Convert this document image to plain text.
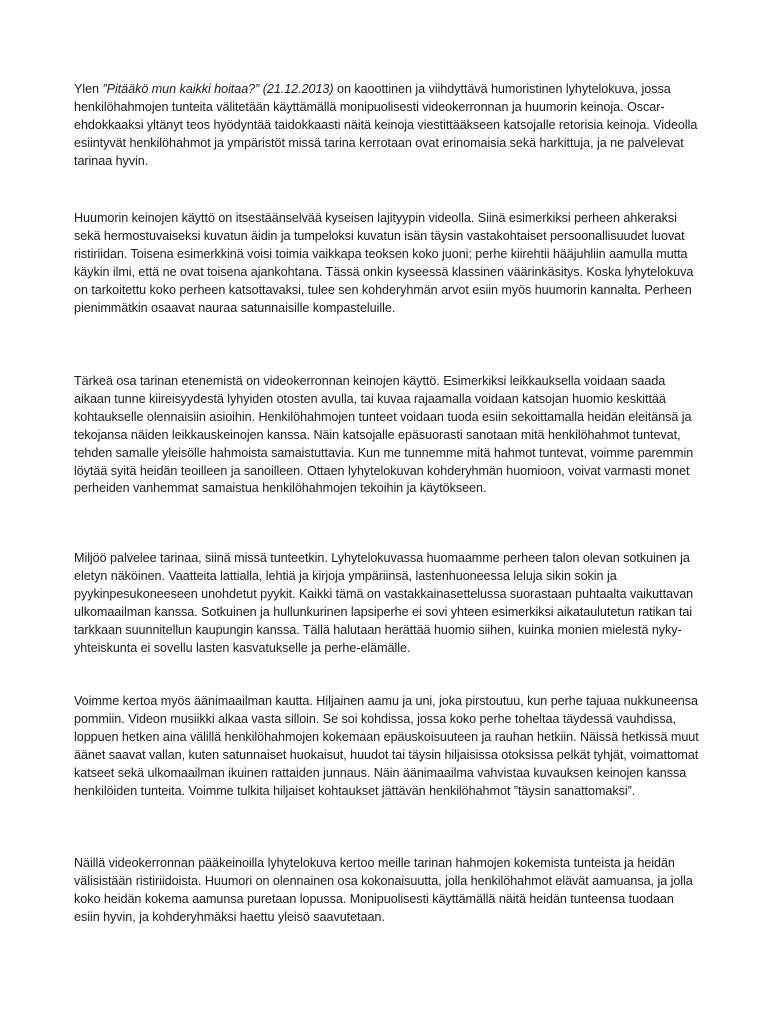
Ylen ”Pitääkö mun kaikki hoitaa?” (21.12.2013) on kaoottinen ja viihdyttävä humoristinen lyhytelokuva, jossa henkilöhahmojen tunteita välitetään käyttämällä monipuolisesti videokerronnan ja huumorin keinoja. Oscar-ehdokkaaksi yltänyt teos hyödyntää taidokkaasti näitä keinoja viestittääkseen katsojalle retorisia keinoja. Videolla esiintyvät henkilöhahmot ja ympäristöt missä tarina kerrotaan ovat erinomaisia sekä harkittuja, ja ne palvelevat tarinaa hyvin.

Huumorin keinojen käyttö on itsestäänselvää kyseisen lajityypin videolla. Siinä esimerkiksi perheen ahkeraksi sekä hermostuvaiseksi kuvatun äidin ja tumpeloksi kuvatun isän täysin vastakohtaiset persoonallisuudet luovat ristiriidan. Toisena esimerkkinä voisi toimia vaikkapa teoksen koko juoni; perhe kiirehtii hääjuhliin aamulla mutta käykin ilmi, että ne ovat toisena ajankohtana. Tässä onkin kyseessä klassinen väärinkäsitys. Koska lyhytelokuva on tarkoitettu koko perheen katsottavaksi, tulee sen kohderyhmän arvot esiin myös huumorin kannalta. Perheen pienimmätkin osaavat nauraa satunnaisille kompasteluille.

Tärkeä osa tarinan etenemistä on videokerronnan keinojen käyttö. Esimerkiksi leikkauksella voidaan saada aikaan tunne kiireisyydestä lyhyiden otosten avulla, tai kuvaa rajaamalla voidaan katsojan huomio keskittää kohtaukselle olennaisiin asioihin. Henkilöhahmojen tunteet voidaan tuoda esiin sekoittamalla heidän eleitänsä ja tekojansa näiden leikkauskeinojen kanssa. Näin katsojalle epäsuorasti sanotaan mitä henkilöhahmot tuntevat, tehden samalle yleisölle hahmoista samaistuttavia. Kun me tunnemme mitä hahmot tuntevat, voimme paremmin löytää syitä heidän teoilleen ja sanoilleen. Ottaen lyhytelokuvan kohderyhmän huomioon, voivat varmasti monet perheiden vanhemmat samaistua henkilöhahmojen tekoihin ja käytökseen.

Miljöö palvelee tarinaa, siinä missä tunteetkin. Lyhytelokuvassa huomaamme perheen talon olevan sotkuinen ja eletyn näköinen. Vaatteita lattialla, lehtiä ja kirjoja ympäriinsä, lastenhuoneessa leluja sikin sokin ja pyykinpesukoneeseen unohdetut pyykit. Kaikki tämä on vastakkainasettelussa suorastaan puhtaalta vaikuttavan ulkomaailman kanssa. Sotkuinen ja hullunkurinen lapsiperhe ei sovi yhteen esimerkiksi aikataulutetun ratikan tai tarkkaan suunnitellun kaupungin kanssa. Tällä halutaan herättää huomio siihen, kuinka monien mielestä nyky-yhteiskunta ei sovellu lasten kasvatukselle ja perhe-elämälle.

Voimme kertoa myös äänimaailman kautta. Hiljainen aamu ja uni, joka pirstoutuu, kun perhe tajuaa nukkuneensa pommiin. Videon musiikki alkaa vasta silloin. Se soi kohdissa, jossa koko perhe toheltaa täydessä vauhdissa, loppuen hetken aina välillä henkilöhahmojen kokemaan epäuskoisuuteen ja rauhan hetkiin. Näissä hetkissä muut äänet saavat vallan, kuten satunnaiset huokaisut, huudot tai täysin hiljaisissa otoksissa pelkät tyhjät, voimattomat katseet sekä ulkomaailman ikuinen rattaiden junnaus. Näin äänimaailma vahvistaa kuvauksen keinojen kanssa henkilöiden tunteita. Voimme tulkita hiljaiset kohtaukset jättävän henkilöhahmot ”täysin sanattomaksi”.

Näillä videokerronnan pääkeinoilla lyhytelokuva kertoo meille tarinan hahmojen kokemista tunteista ja heidän välisistään ristiriidoista. Huumori on olennainen osa kokonaisuutta, jolla henkilöhahmot elävät aamuansa, ja jolla koko heidän kokema aamunsa puretaan lopussa. Monipuolisesti käyttämällä näitä heidän tunteensa tuodaan esiin hyvin, ja kohderyhmäksi haettu yleisö saavutetaan.
